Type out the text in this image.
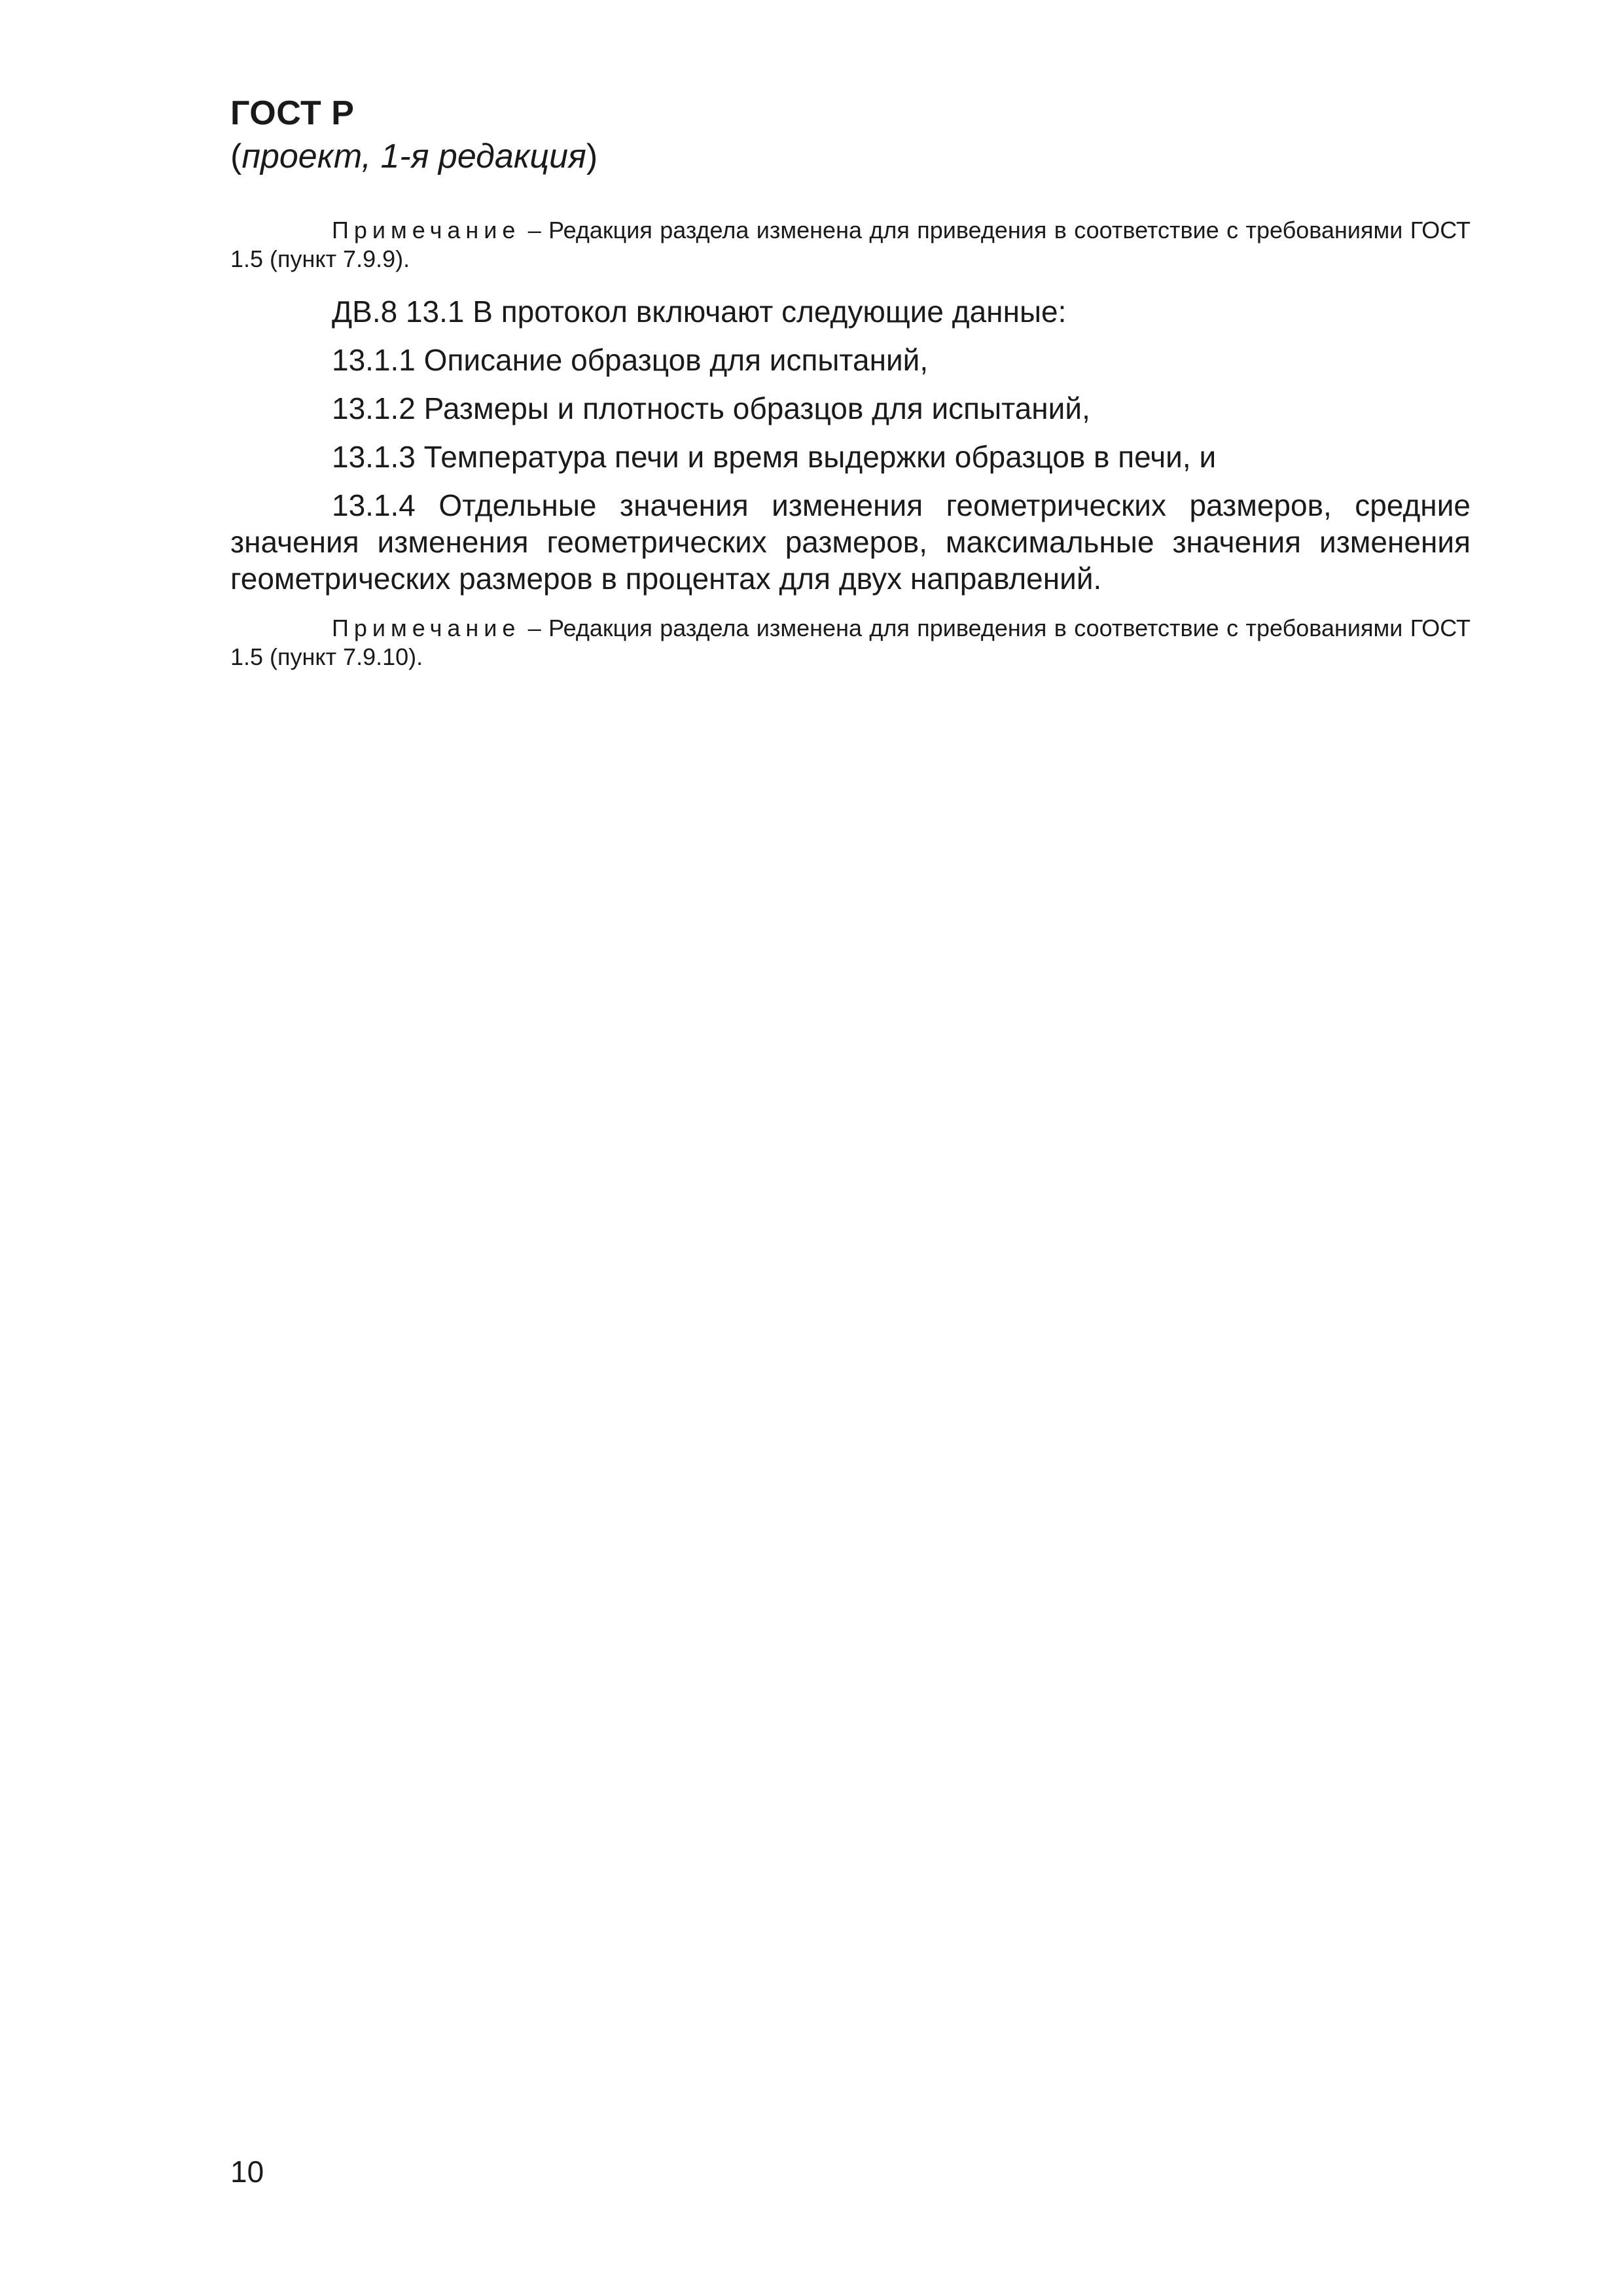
ГОСТ Р
(проект, 1-я редакция)

Примечание – Редакция раздела изменена для приведения в соответствие с требованиями ГОСТ 1.5 (пункт 7.9.9).

ДВ.8 13.1 В протокол включают следующие данные:

13.1.1 Описание образцов для испытаний,

13.1.2 Размеры и плотность образцов для испытаний,

13.1.3 Температура печи и время выдержки образцов в печи, и

13.1.4 Отдельные значения изменения геометрических размеров, средние значения изменения геометрических размеров, максимальные значения изменения геометрических размеров в процентах для двух направлений.

Примечание – Редакция раздела изменена для приведения в соответствие с требованиями ГОСТ 1.5 (пункт 7.9.10).

10
